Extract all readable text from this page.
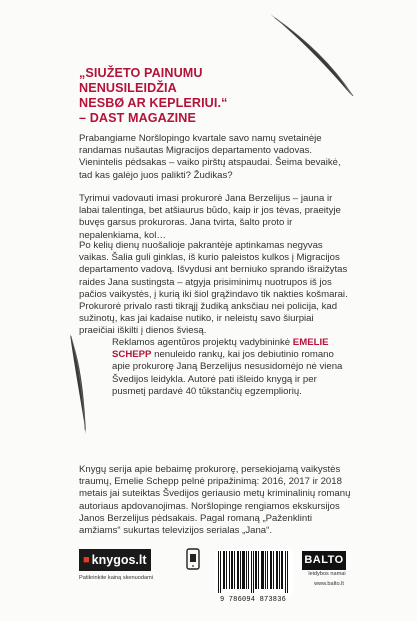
„SIUŽETO PAINUMU
NENUSILEIDŽIA
NESBØ AR KEPLERIUI.“
– DAST MAGAZINE
Prabangiame Noršlopingo kvartale savo namų svetainėje randamas nušautas Migracijos departamento vadovas. Vienintelis pėdsakas – vaiko pirštų atspaudai. Šeima bevaikė, tad kas galėjo juos palikti? Žudikas?
Tyrimui vadovauti imasi prokurorė Jana Berzelijus – jauna ir labai talentinga, bet atšiaurus būdo, kaip ir jos tėvas, praeityje buvęs garsus prokuroras. Jana tvirta, šalto proto ir nepalenkiama, kol…
Po kelių dienų nuošalioje pakrantėje aptinkamas negyvas vaikas. Šalia guli ginklas, iš kurio paleistos kulkos į Migracijos departamento vadovą. Išvydusi ant berniuko sprando išraižytas raides Jana sustingsta – atgyja prisiminimų nuotrupos iš jos pačios vaikystės, į kurią iki šiol grąžindavo tik nakties košmarai. Prokurorė privalo rasti tikrąjį žudiką anksčiau nei policija, kad sužinotų, kas jai kadaise nutiko, ir neleistų savo šiurpiai praeičiai iškilti į dienos šviesą.
Reklamos agentūros projektų vadybininkė EMELIE SCHEPP nenuleido rankų, kai jos debiutinio romano apie prokurorę Janą Berzelijus nesusidomėjo nė viena Švedijos leidykla. Autorė pati išleido knygą ir per pusmetį pardavė 40 tūkstančių egzempliorių.
Knygų serija apie bebaimę prokurorę, persekiojamą vaikystės traumų, Emelie Schepp pelnė pripažinimą: 2016, 2017 ir 2018 metais jai suteiktas Švedijos geriausio metų kriminalinių romanų autoriaus apdovanojimas. Noršlopinge rengiamos ekskursijos Janos Berzelijus pėdsakais. Pagal romaną „Paženklinti amžiams“ sukurtas televizijos serialas „Jana“.
■ knygos.lt
Patikrinkite kainą skenuodami
9 786094 873836
BALTO
leidybos namai
www.balto.lt
